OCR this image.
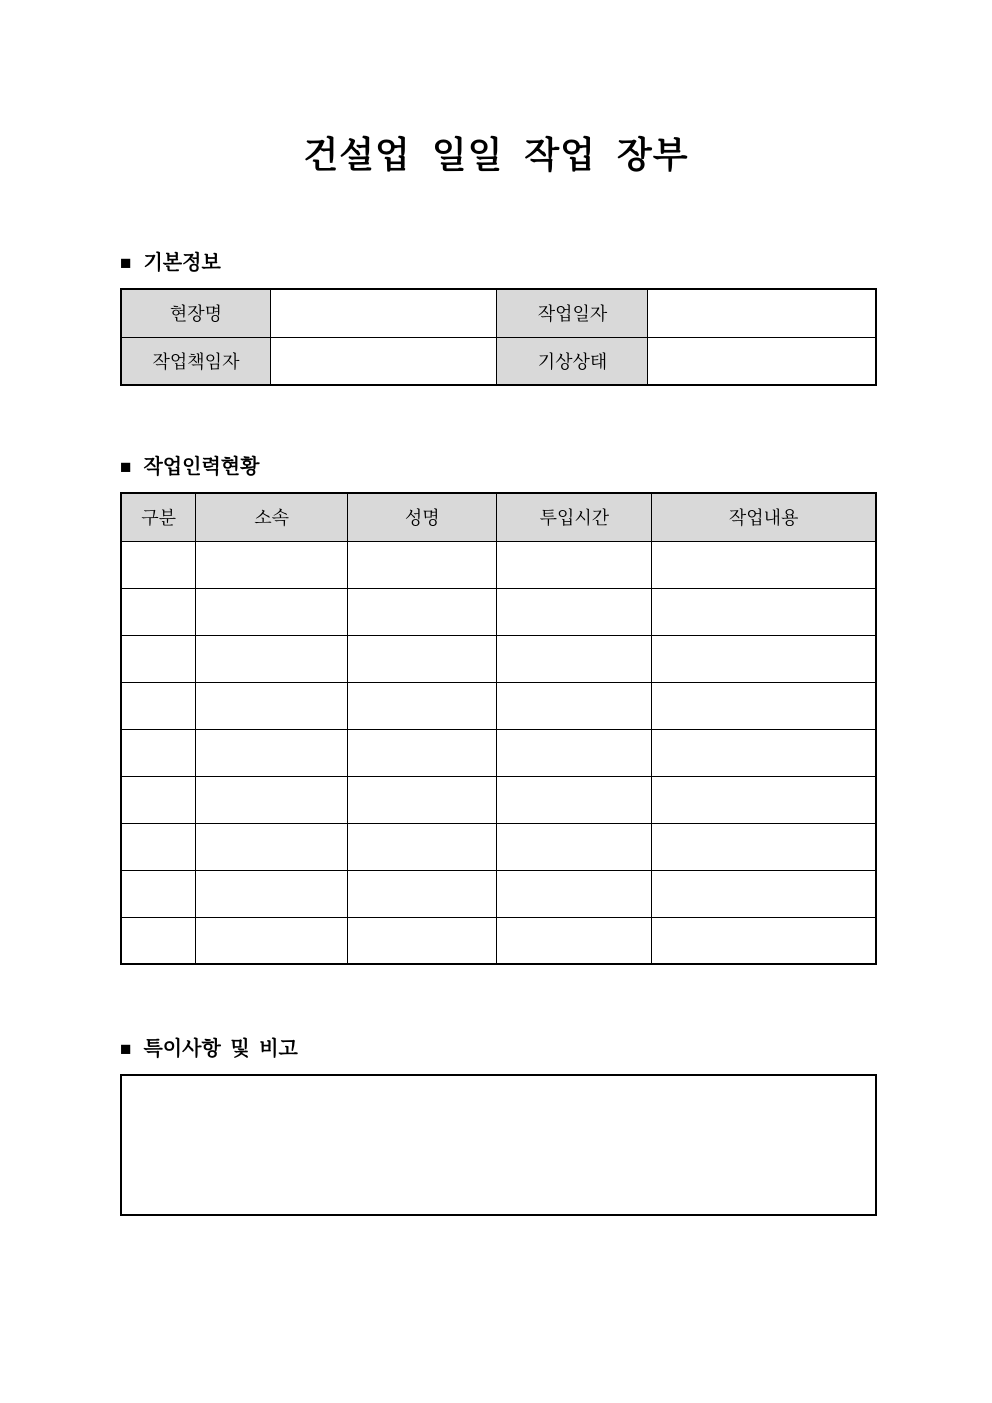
건설업 일일 작업 장부
■ 기본정보
현장명		작업일자	
작업책임자		기상상태	
■ 작업인력현황
구분	소속	성명	투입시간	작업내용

■ 특이사항 및 비고
